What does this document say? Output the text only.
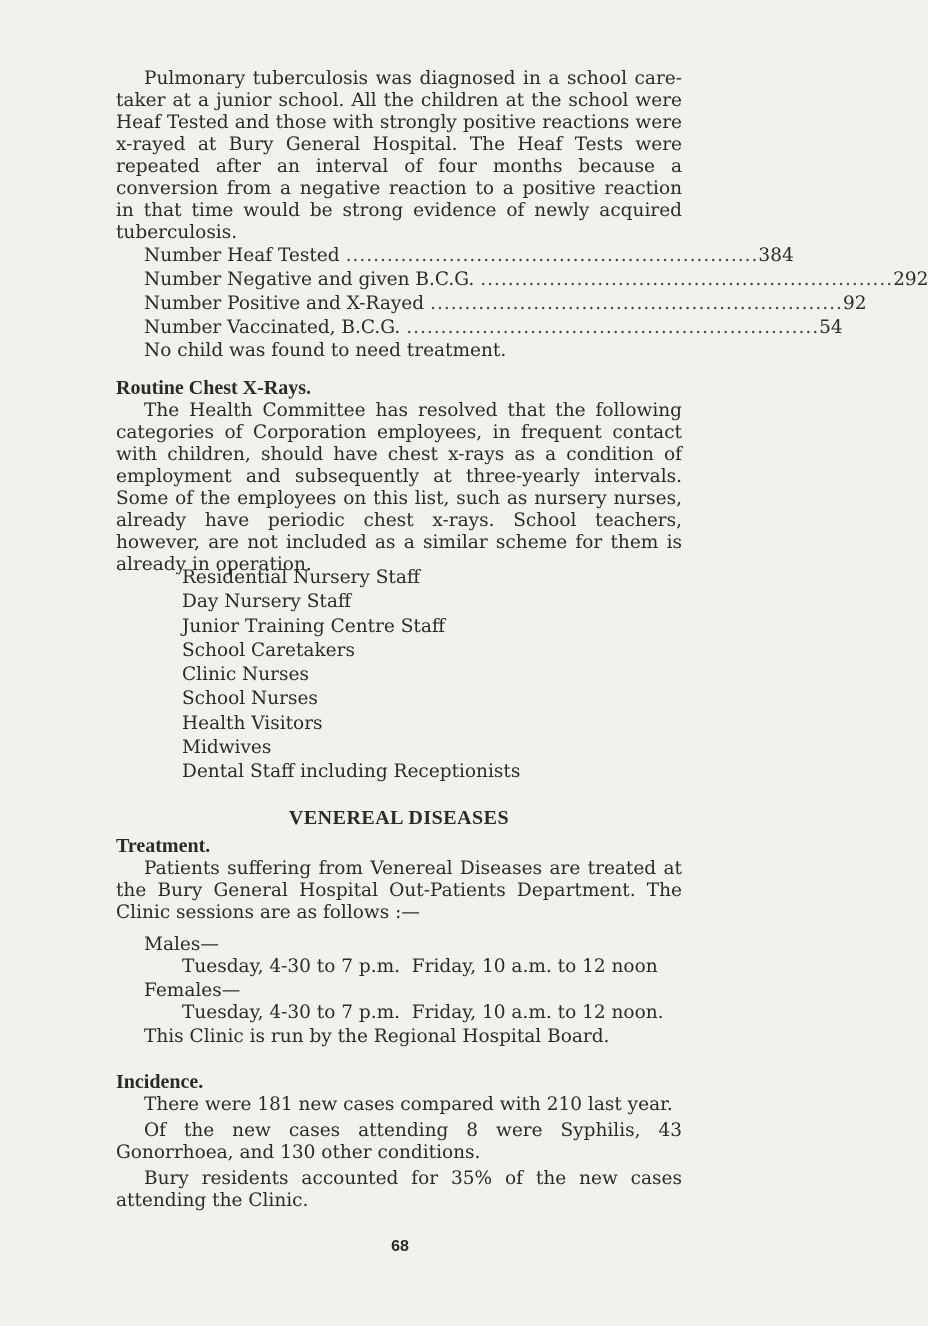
Pulmonary tuberculosis was diagnosed in a school care-taker at a junior school. All the children at the school were Heaf Tested and those with strongly positive reactions were x-rayed at Bury General Hospital. The Heaf Tests were repeated after an interval of four months because a conversion from a negative reaction to a positive reaction in that time would be strong evidence of newly acquired tuberculosis.

Number Heaf Tested ............................................................ 384
Number Negative and given B.C.G. ............................................................ 292
Number Positive and X-Rayed ............................................................ 92
Number Vaccinated, B.C.G. ............................................................ 54

No child was found to need treatment.

Routine Chest X-Rays.

The Health Committee has resolved that the following categories of Corporation employees, in frequent contact with children, should have chest x-rays as a condition of employment and subsequently at three-yearly intervals. Some of the employees on this list, such as nursery nurses, already have periodic chest x-rays. School teachers, however, are not included as a similar scheme for them is already in operation.

Residential Nursery Staff
Day Nursery Staff
Junior Training Centre Staff
School Caretakers
Clinic Nurses
School Nurses
Health Visitors
Midwives
Dental Staff including Receptionists

VENEREAL DISEASES

Treatment.

Patients suffering from Venereal Diseases are treated at the Bury General Hospital Out-Patients Department. The Clinic sessions are as follows :—

Males—

Tuesday, 4-30 to 7 p.m.  Friday, 10 a.m. to 12 noon

Females—

Tuesday, 4-30 to 7 p.m.  Friday, 10 a.m. to 12 noon.

This Clinic is run by the Regional Hospital Board.

Incidence.

There were 181 new cases compared with 210 last year.

Of the new cases attending 8 were Syphilis, 43 Gonorrhoea, and 130 other conditions.

Bury residents accounted for 35% of the new cases attending the Clinic.

68
